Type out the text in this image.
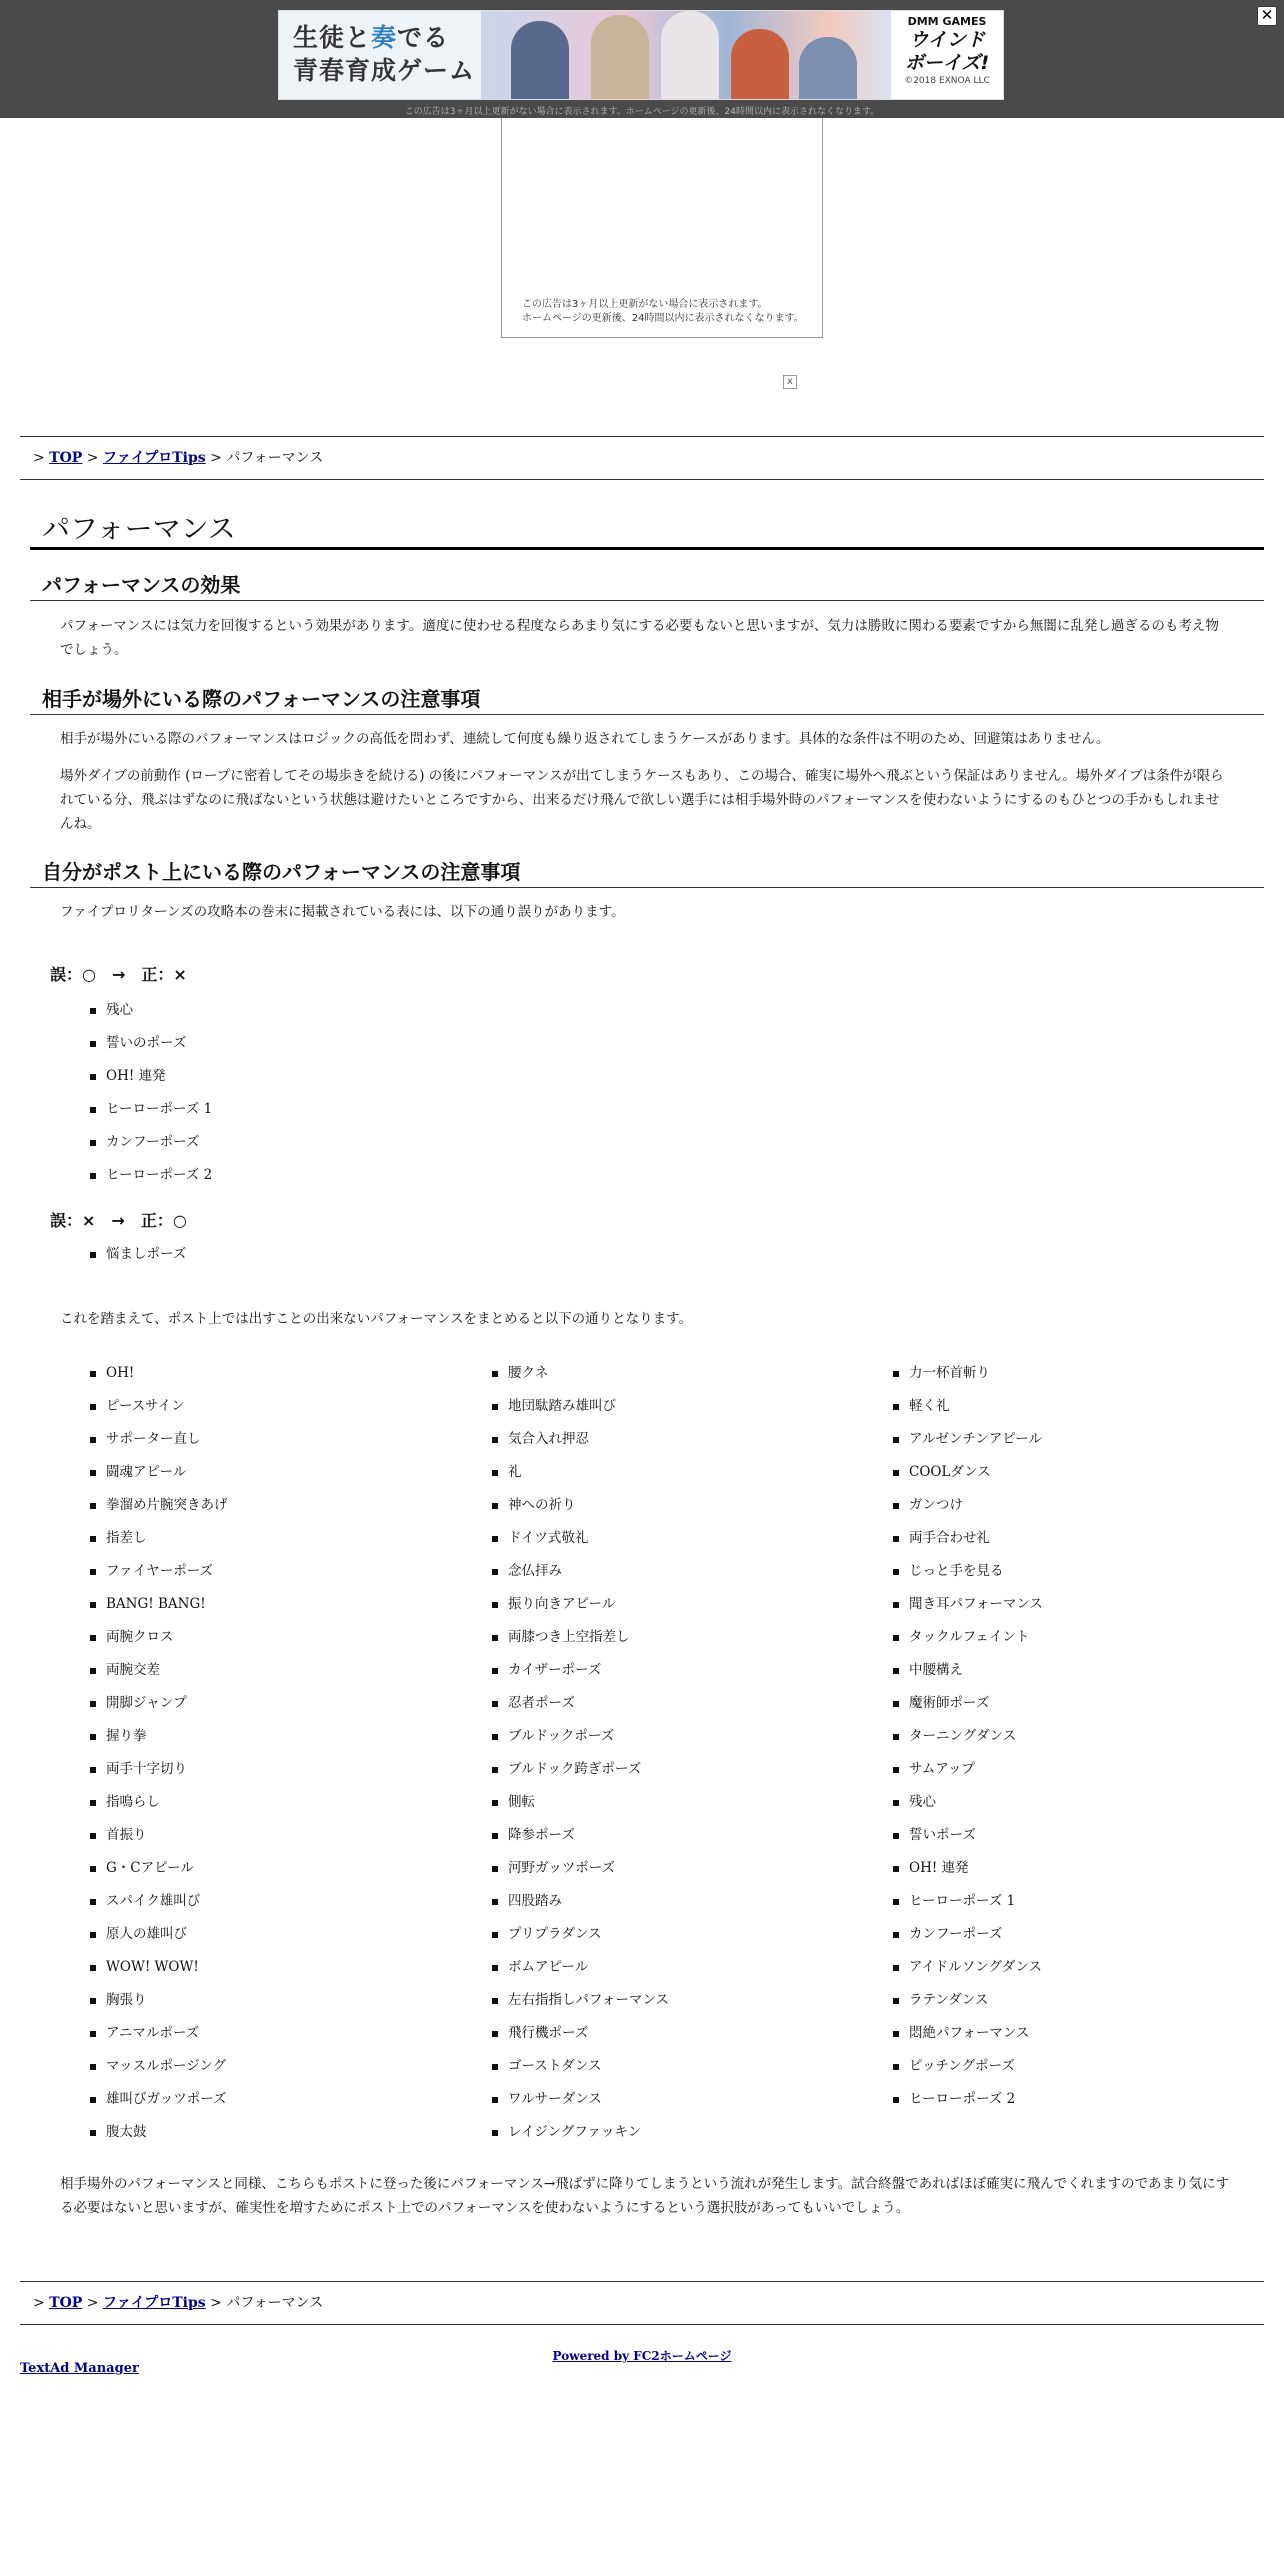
生徒と奏でる
青春育成ゲーム
DMM GAMES
ウインド
ボーイズ!
©2018 EXNOA LLC
この広告は3ヶ月以上更新がない場合に表示されます。ホームページの更新後、24時間以内に表示されなくなります。
✕
この広告は3ヶ月以上更新がない場合に表示されます。
ホームページの更新後、24時間以内に表示されなくなります。
x
> TOP > ファイプロTips > パフォーマンス
パフォーマンス
パフォーマンスの効果
パフォーマンスには気力を回復するという効果があります。適度に使わせる程度ならあまり気にする必要もないと思いますが、気力は勝敗に関わる要素ですから無闇に乱発し過ぎるのも考え物でしょう。
相手が場外にいる際のパフォーマンスの注意事項
相手が場外にいる際のパフォーマンスはロジックの高低を問わず、連続して何度も繰り返されてしまうケースがあります。具体的な条件は不明のため、回避策はありません。
場外ダイブの前動作 (ロープに密着してその場歩きを続ける) の後にパフォーマンスが出てしまうケースもあり、この場合、確実に場外へ飛ぶという保証はありません。場外ダイブは条件が限られている分、飛ぶはずなのに飛ばないという状態は避けたいところですから、出来るだけ飛んで欲しい選手には相手場外時のパフォーマンスを使わないようにするのもひとつの手かもしれませんね。
自分がポスト上にいる際のパフォーマンスの注意事項
ファイプロリターンズの攻略本の巻末に掲載されている表には、以下の通り誤りがあります。
誤：○　→　正：×
残心
誓いのポーズ
OH! 連発
ヒーローポーズ 1
カンフーポーズ
ヒーローポーズ 2
誤：×　→　正：○
悩ましポーズ
これを踏まえて、ポスト上では出すことの出来ないパフォーマンスをまとめると以下の通りとなります。
OH!
ピースサイン
サポーター直し
闘魂アピール
拳溜め片腕突きあげ
指差し
ファイヤーポーズ
BANG! BANG!
両腕クロス
両腕交差
開脚ジャンプ
握り拳
両手十字切り
指鳴らし
首振り
G・Cアピール
スパイク雄叫び
原人の雄叫び
WOW! WOW!
胸張り
アニマルポーズ
マッスルポージング
雄叫びガッツポーズ
腹太鼓
腰クネ
地団駄踏み雄叫び
気合入れ押忍
礼
神への祈り
ドイツ式敬礼
念仏拝み
振り向きアピール
両膝つき上空指差し
カイザーポーズ
忍者ポーズ
ブルドックポーズ
ブルドック跨ぎポーズ
側転
降参ポーズ
河野ガッツポーズ
四股踏み
プリプラダンス
ボムアピール
左右指指しパフォーマンス
飛行機ポーズ
ゴーストダンス
ワルサーダンス
レイジングファッキン
力一杯首斬り
軽く礼
アルゼンチンアピール
COOLダンス
ガンつけ
両手合わせ礼
じっと手を見る
聞き耳パフォーマンス
タックルフェイント
中腰構え
魔術師ポーズ
ターニングダンス
サムアップ
残心
誓いポーズ
OH! 連発
ヒーローポーズ 1
カンフーポーズ
アイドルソングダンス
ラテンダンス
悶絶パフォーマンス
ピッチングポーズ
ヒーローポーズ 2
相手場外のパフォーマンスと同様、こちらもポストに登った後にパフォーマンス→飛ばずに降りてしまうという流れが発生します。試合終盤であればほぼ確実に飛んでくれますのであまり気にする必要はないと思いますが、確実性を増すためにポスト上でのパフォーマンスを使わないようにするという選択肢があってもいいでしょう。
> TOP > ファイプロTips > パフォーマンス
Powered by FC2ホームページ
TextAd Manager
